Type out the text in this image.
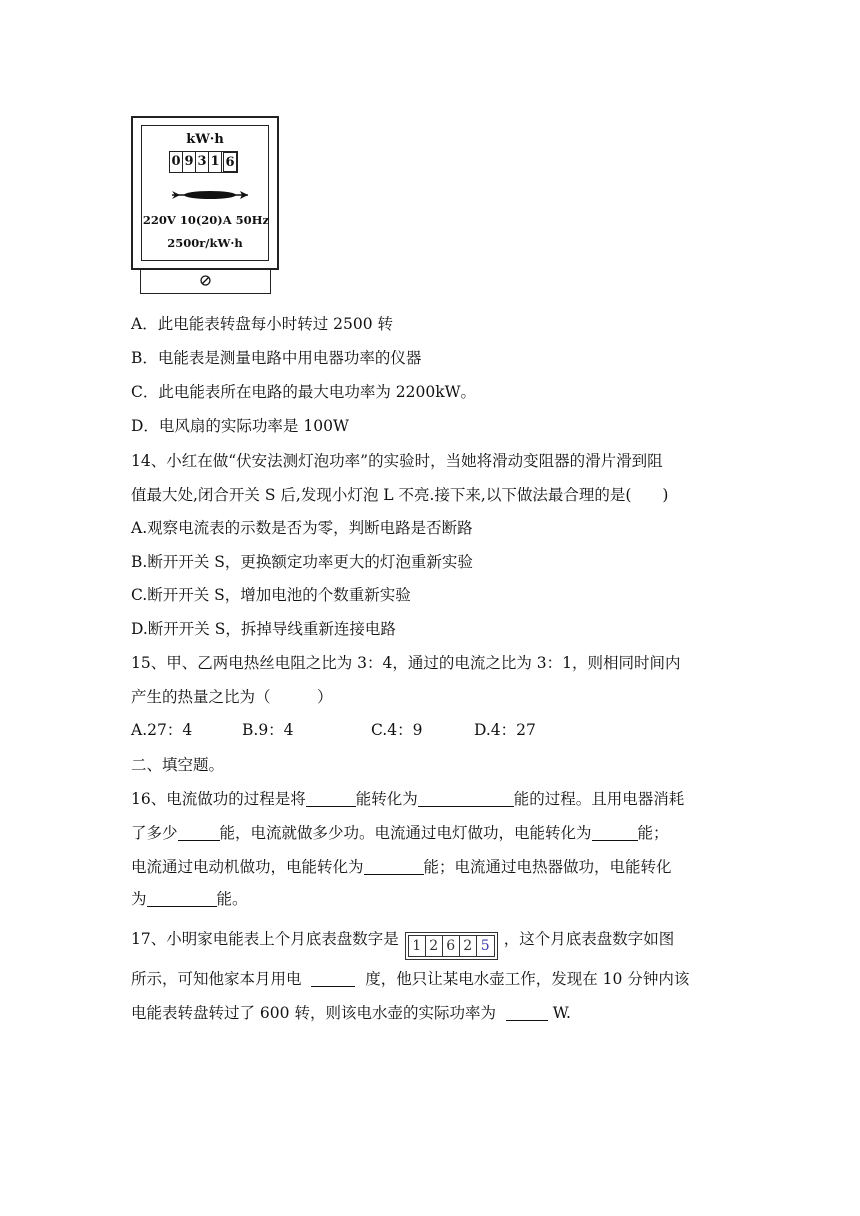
kW·h
0 9 3 1 6
220V 10(20)A 50Hz
2500r/kW·h
A．此电能表转盘每小时转过 2500 转
B．电能表是测量电路中用电器功率的仪器
C．此电能表所在电路的最大电功率为 2200kW。
D．电风扇的实际功率是 100W
14、小红在做“伏安法测灯泡功率”的实验时，当她将滑动变阻器的滑片滑到阻
值最大处,闭合开关 S 后,发现小灯泡 L 不亮.接下来,以下做法最合理的是(　　)
A.观察电流表的示数是否为零，判断电路是否断路
B.断开开关 S，更换额定功率更大的灯泡重新实验
C.断开开关 S，增加电池的个数重新实验
D.断开开关 S，拆掉导线重新连接电路
15、甲、乙两电热丝电阻之比为 3：4，通过的电流之比为 3：1，则相同时间内
产生的热量之比为（　　　）
A.27：4	B.9：4	C.4：9	D.4：27
二、填空题。
16、电流做功的过程是将	能转化为	能的过程。且用电器消耗
了多少	能，电流就做多少功。电流通过电灯做功，电能转化为	能；
电流通过电动机做功，电能转化为	能；电流通过电热器做功，电能转化
为	能。
17、小明家电能表上个月底表盘数字是 1 2 6 2 5 ，这个月底表盘数字如图
所示，可知他家本月用电	度，他只让某电水壶工作，发现在 10 分钟内该
电能表转盘转过了 600 转，则该电水壶的实际功率为	W.
